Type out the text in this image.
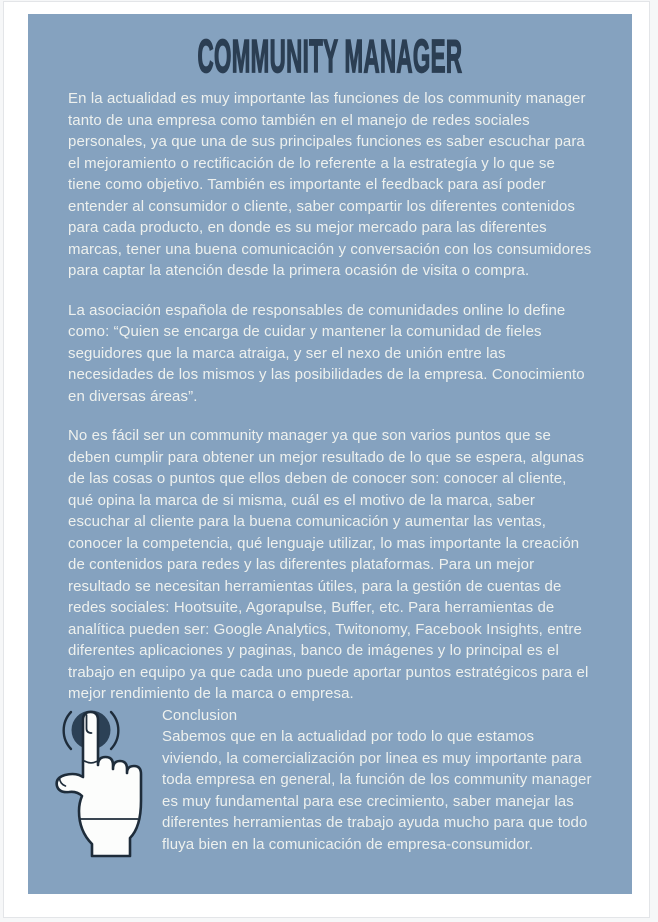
COMMUNITY MANAGER

En la actualidad es muy importante las funciones de los community manager tanto de una empresa como también en el manejo de redes sociales personales, ya que una de sus principales funciones es saber escuchar para el mejoramiento o rectificación de lo referente a la estrategía y lo que se tiene como objetivo. También es importante el feedback para así poder entender al consumidor o cliente, saber compartir los diferentes contenidos para cada producto, en donde es su mejor mercado para las diferentes marcas, tener una buena comunicación y conversación con los consumidores para captar la atención desde la primera ocasión de visita o compra.

La asociación española de responsables de comunidades online lo define como: “Quien se encarga de cuidar y mantener la comunidad de fieles seguidores que la marca atraiga, y ser el nexo de unión entre las necesidades de los mismos y las posibilidades de la empresa. Conocimiento en diversas áreas”.

No es fácil ser un community manager ya que son varios puntos que se deben cumplir para obtener un mejor resultado de lo que se espera, algunas de las cosas o puntos que ellos deben de conocer son: conocer al cliente, qué opina la marca de si misma, cuál es el motivo de la marca, saber escuchar al cliente para la buena comunicación y aumentar las ventas, conocer la competencia, qué lenguaje utilizar, lo mas importante la creación de contenidos para redes y las diferentes plataformas. Para un mejor resultado se necesitan herramientas útiles, para la gestión de cuentas de redes sociales: Hootsuite, Agorapulse, Buffer, etc. Para herramientas de analítica pueden ser: Google Analytics, Twitonomy, Facebook Insights, entre diferentes aplicaciones y paginas, banco de imágenes y lo principal es el trabajo en equipo ya que cada uno puede aportar puntos estratégicos para el mejor rendimiento de la marca o empresa.

Conclusion
Sabemos que en la actualidad por todo lo que estamos viviendo, la comercialización por linea es muy importante para toda empresa en general, la función de los community manager es muy fundamental para ese crecimiento, saber manejar las diferentes herramientas de trabajo ayuda mucho para que todo fluya bien en la comunicación de empresa-consumidor.
